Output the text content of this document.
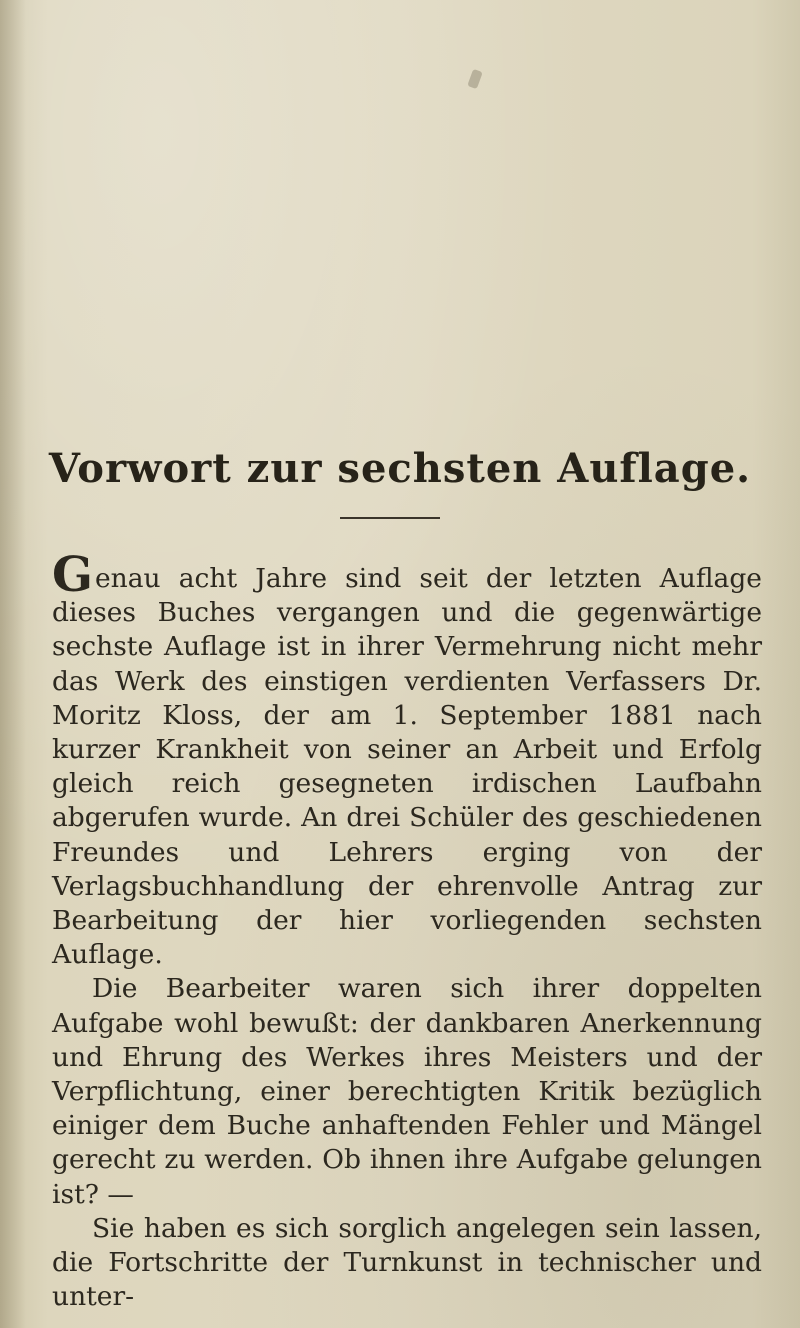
Vorwort zur sechsten Auflage.

Genau acht Jahre sind seit der letzten Auflage dieses Buches vergangen und die gegenwärtige sechste Auflage ist in ihrer Vermehrung nicht mehr das Werk des einstigen verdienten Verfassers Dr. Moritz Kloss, der am 1. September 1881 nach kurzer Krankheit von seiner an Arbeit und Erfolg gleich reich gesegneten irdischen Laufbahn abgerufen wurde. An drei Schüler des geschiedenen Freundes und Lehrers erging von der Verlagsbuchhandlung der ehrenvolle Antrag zur Bearbeitung der hier vorliegenden sechsten Auflage.

Die Bearbeiter waren sich ihrer doppelten Aufgabe wohl bewußt: der dankbaren Anerkennung und Ehrung des Werkes ihres Meisters und der Verpflichtung, einer berechtigten Kritik bezüglich einiger dem Buche anhaftenden Fehler und Mängel gerecht zu werden. Ob ihnen ihre Aufgabe gelungen ist? —

Sie haben es sich sorglich angelegen sein lassen, die Fortschritte der Turnkunst in technischer und unter-
